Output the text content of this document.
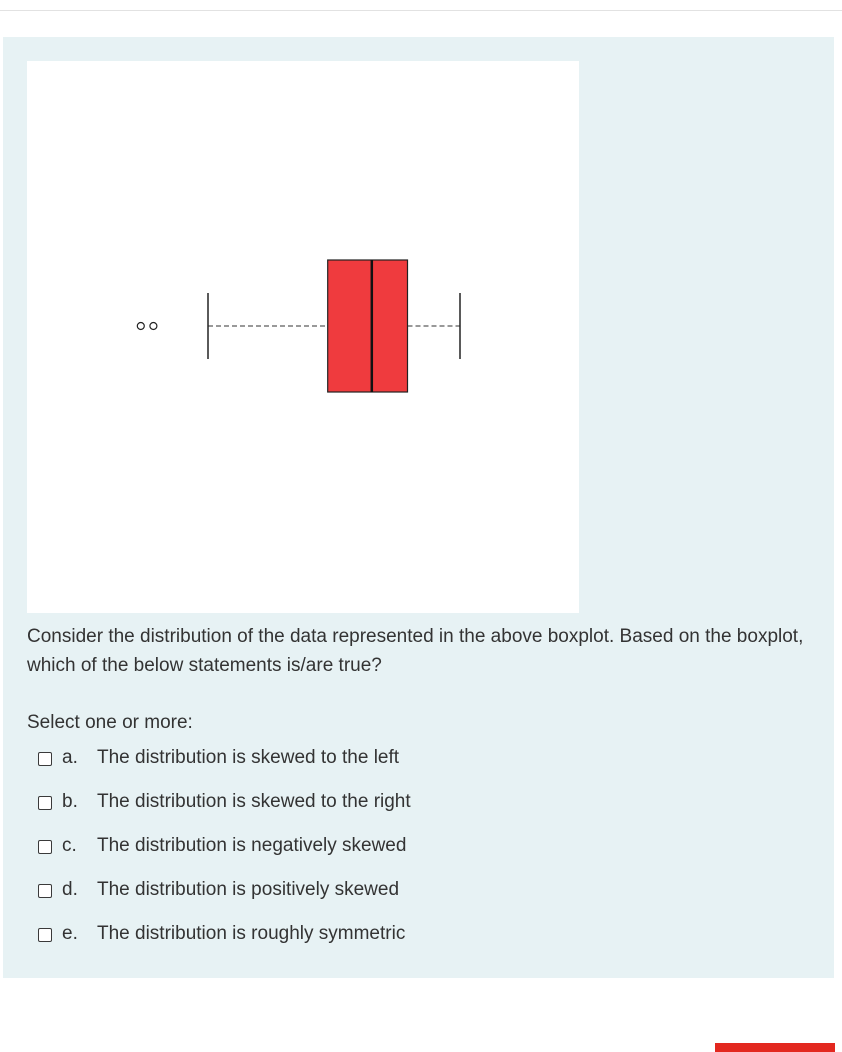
Consider the distribution of the data represented in the above boxplot. Based on the boxplot, which of the below statements is/are true?

Select one or more:
a. The distribution is skewed to the left
b. The distribution is skewed to the right
c. The distribution is negatively skewed
d. The distribution is positively skewed
e. The distribution is roughly symmetric
